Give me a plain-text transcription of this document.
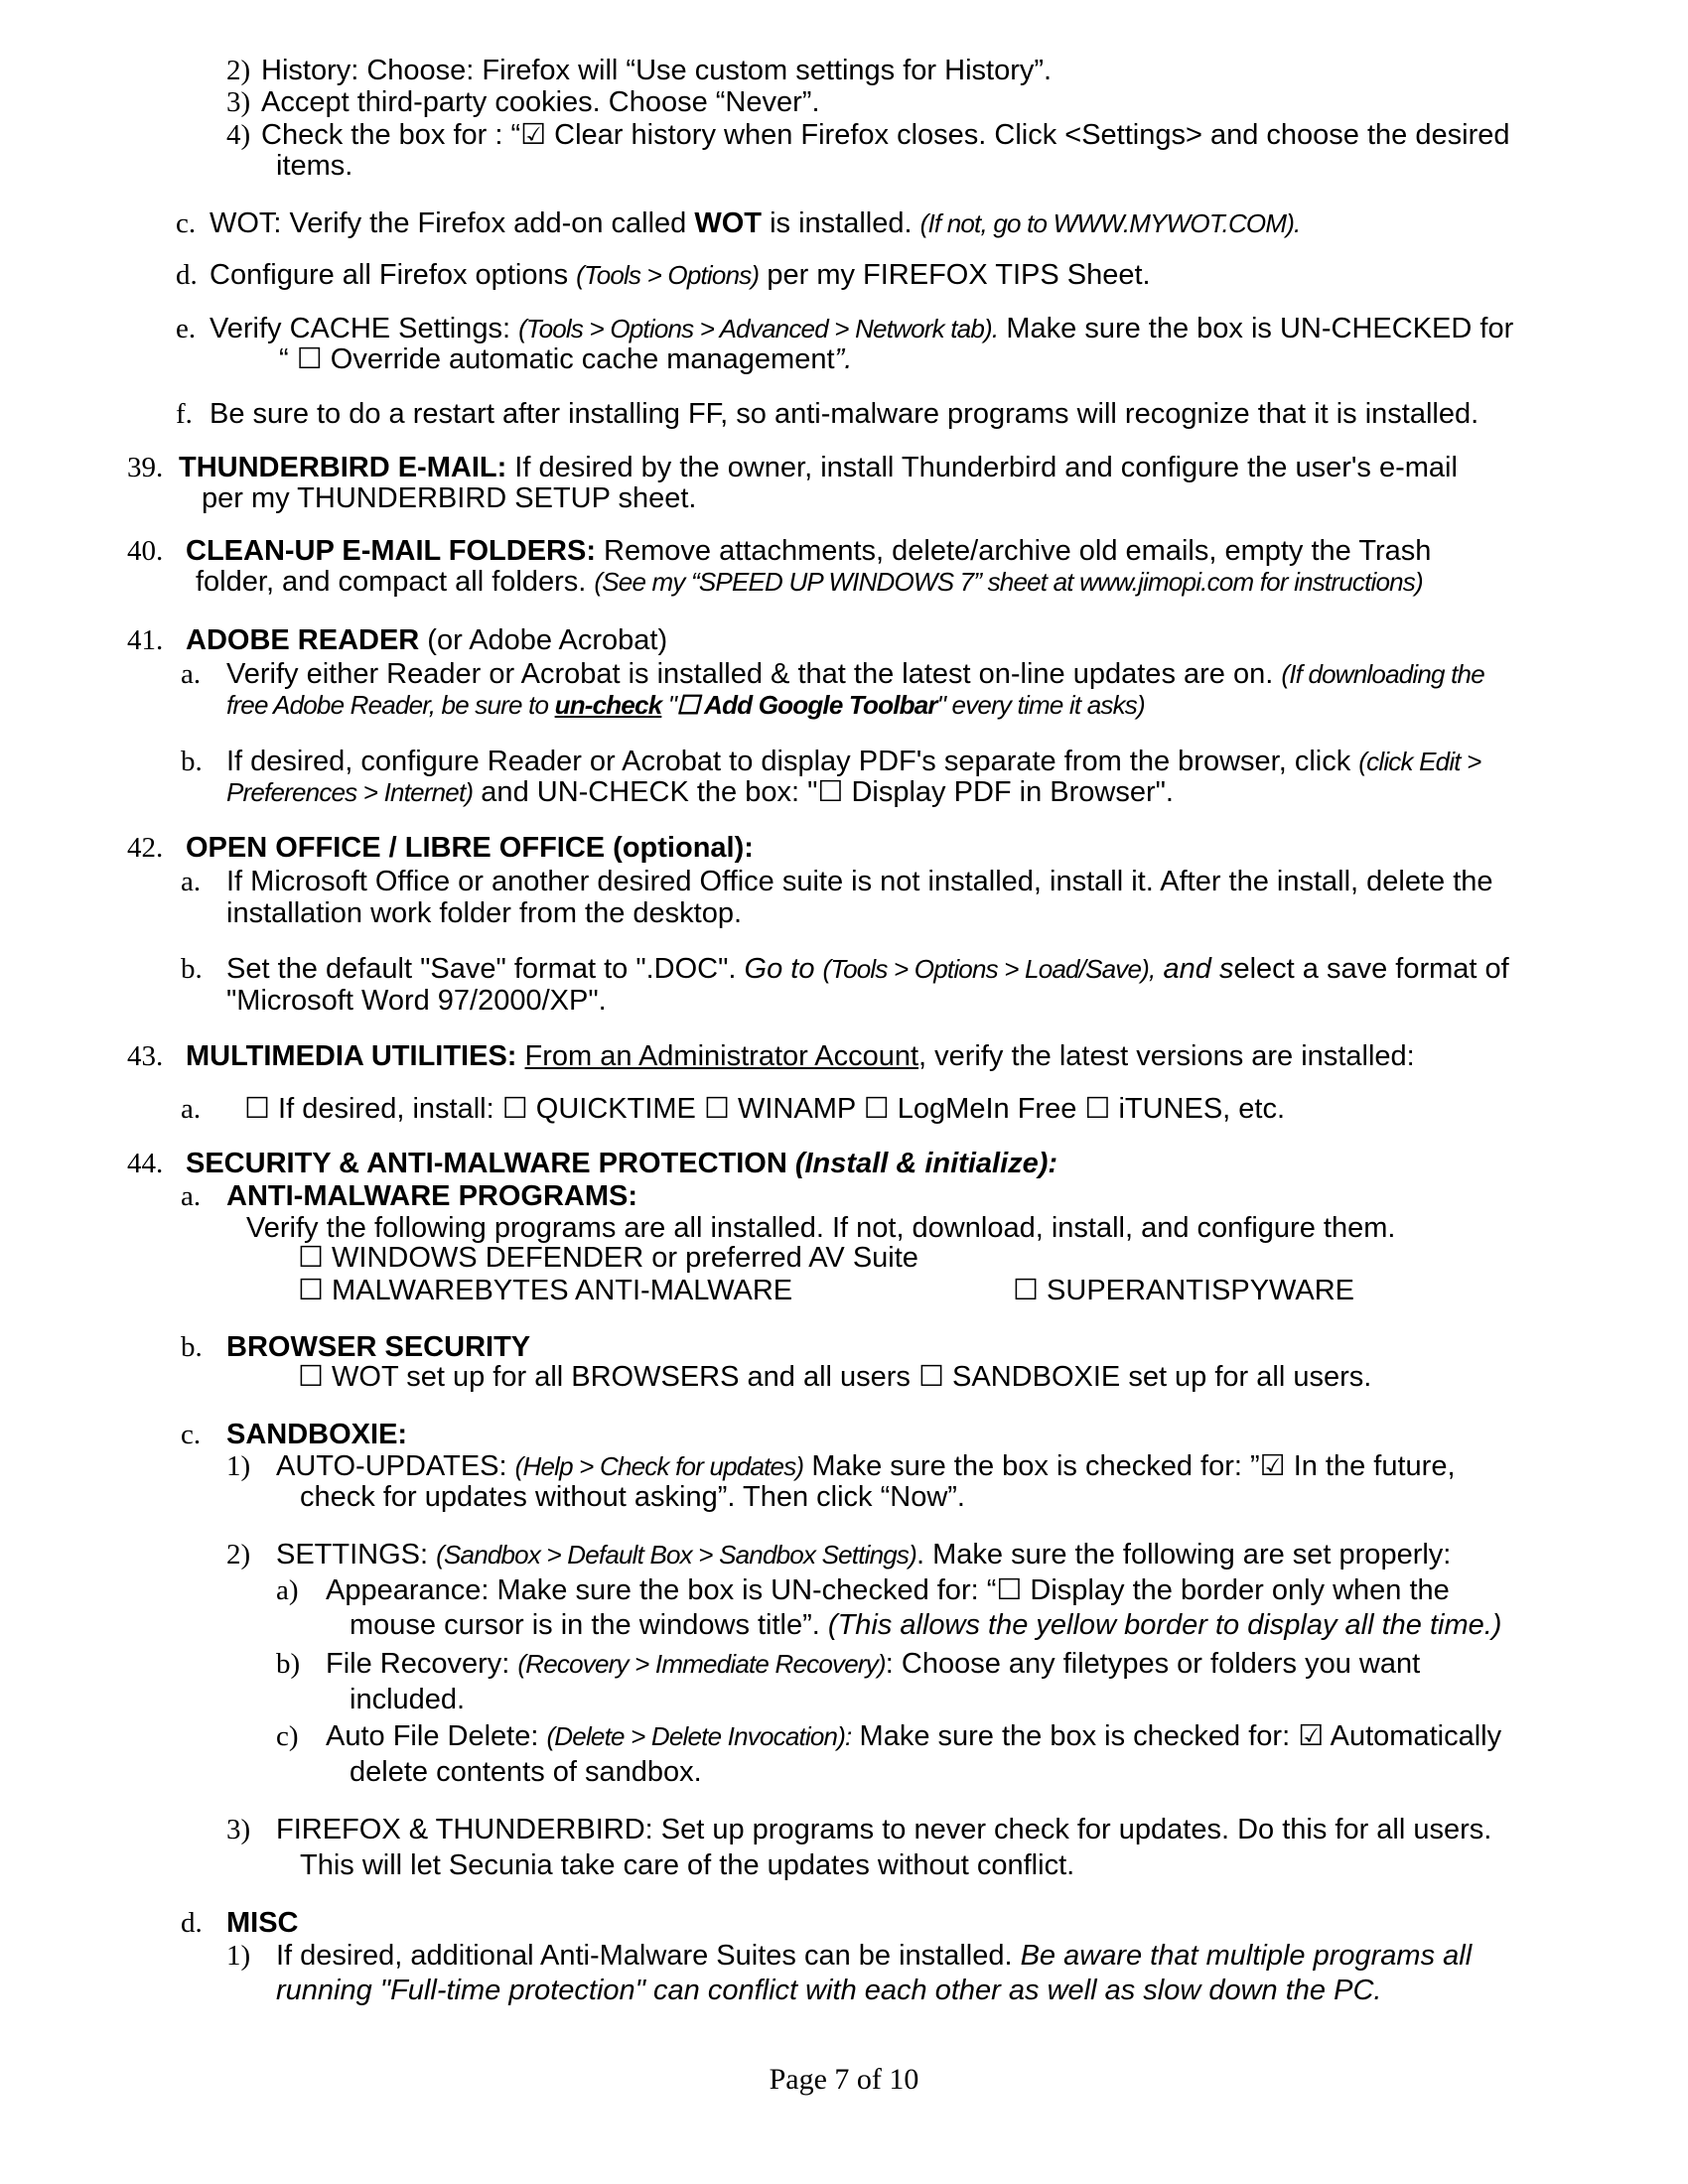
2) History: Choose: Firefox will “Use custom settings for History”.
3) Accept third-party cookies. Choose “Never”.
4) Check the box for : “☑ Clear history when Firefox closes. Click <Settings> and choose the desired
items.
c. WOT: Verify the Firefox add-on called WOT is installed. (If not, go to WWW.MYWOT.COM).
d. Configure all Firefox options (Tools > Options) per my FIREFOX TIPS Sheet.
e. Verify CACHE Settings: (Tools > Options > Advanced > Network tab). Make sure the box is UN-CHECKED for
“ ☐ Override automatic cache management”.
f. Be sure to do a restart after installing FF, so anti-malware programs will recognize that it is installed.
39. THUNDERBIRD E-MAIL: If desired by the owner, install Thunderbird and configure the user's e-mail
per my THUNDERBIRD SETUP sheet.
40. CLEAN-UP E-MAIL FOLDERS: Remove attachments, delete/archive old emails, empty the Trash
folder, and compact all folders. (See my “SPEED UP WINDOWS 7” sheet at www.jimopi.com for instructions)
41. ADOBE READER (or Adobe Acrobat)
a. Verify either Reader or Acrobat is installed & that the latest on-line updates are on. (If downloading the
free Adobe Reader, be sure to un-check "☐ Add Google Toolbar" every time it asks)
b. If desired, configure Reader or Acrobat to display PDF's separate from the browser, click (click Edit >
Preferences > Internet) and UN-CHECK the box: "☐ Display PDF in Browser".
42. OPEN OFFICE / LIBRE OFFICE (optional):
a. If Microsoft Office or another desired Office suite is not installed, install it. After the install, delete the
installation work folder from the desktop.
b. Set the default "Save" format to ".DOC". Go to (Tools > Options > Load/Save), and select a save format of
"Microsoft Word 97/2000/XP".
43. MULTIMEDIA UTILITIES: From an Administrator Account, verify the latest versions are installed:
a. ☐ If desired, install: ☐ QUICKTIME ☐ WINAMP ☐ LogMeIn Free ☐ iTUNES, etc.
44. SECURITY & ANTI-MALWARE PROTECTION (Install & initialize):
a. ANTI-MALWARE PROGRAMS:
Verify the following programs are all installed. If not, download, install, and configure them.
☐ WINDOWS DEFENDER or preferred AV Suite
☐ MALWAREBYTES ANTI-MALWARE	☐ SUPERANTISPYWARE
b. BROWSER SECURITY
☐ WOT set up for all BROWSERS and all users ☐ SANDBOXIE set up for all users.
c. SANDBOXIE:
1) AUTO-UPDATES: (Help > Check for updates) Make sure the box is checked for: ”☑ In the future,
check for updates without asking”. Then click “Now”.
2) SETTINGS: (Sandbox > Default Box > Sandbox Settings). Make sure the following are set properly:
a) Appearance: Make sure the box is UN-checked for: “☐ Display the border only when the
mouse cursor is in the windows title”. (This allows the yellow border to display all the time.)
b) File Recovery: (Recovery > Immediate Recovery): Choose any filetypes or folders you want
included.
c) Auto File Delete: (Delete > Delete Invocation): Make sure the box is checked for: ☑ Automatically
delete contents of sandbox.
3) FIREFOX & THUNDERBIRD: Set up programs to never check for updates. Do this for all users.
This will let Secunia take care of the updates without conflict.
d. MISC
1) If desired, additional Anti-Malware Suites can be installed. Be aware that multiple programs all
running "Full-time protection" can conflict with each other as well as slow down the PC.
Page 7 of 10
